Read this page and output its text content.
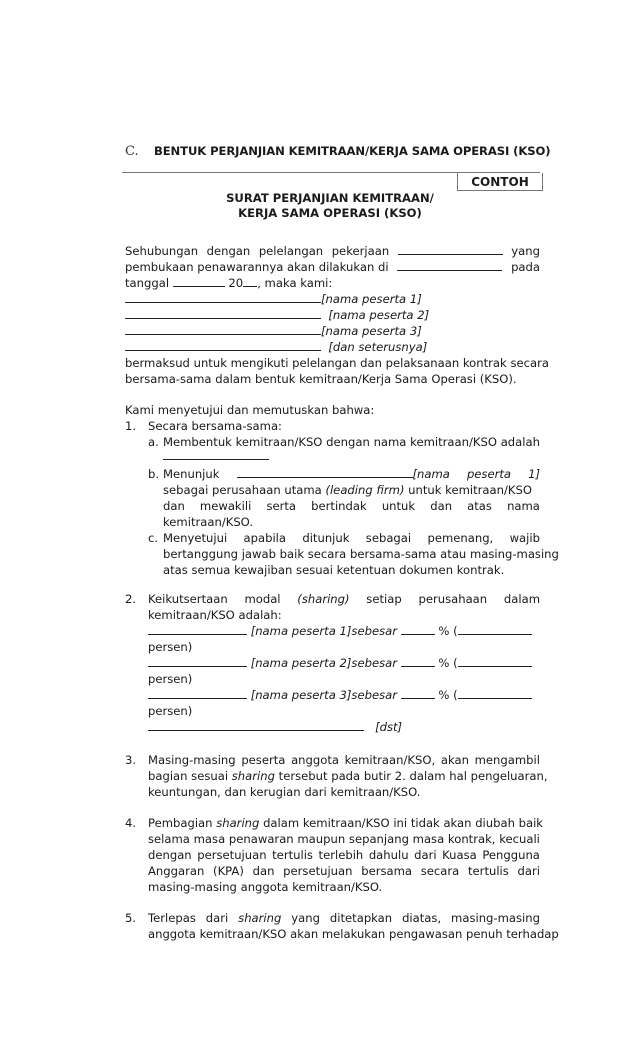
C. BENTUK PERJANJIAN KEMITRAAN/KERJA SAMA OPERASI (KSO)
CONTOH
SURAT PERJANJIAN KEMITRAAN/
KERJA SAMA OPERASI (KSO)
Sehubungan dengan pelelangan pekerjaan	yang
pembukaan penawarannya akan dilakukan di	pada
tanggal	20 , maka kami:
[nama peserta 1]
[nama peserta 2]
[nama peserta 3]
[dan seterusnya]
bermaksud untuk mengikuti pelelangan dan pelaksanaan kontrak secara
bersama-sama dalam bentuk kemitraan/Kerja Sama Operasi (KSO).
Kami menyetujui dan memutuskan bahwa:
1. Secara bersama-sama:
a. Membentuk kemitraan/KSO dengan nama kemitraan/KSO adalah
b. Menunjuk	[nama peserta 1]
sebagai perusahaan utama (leading firm) untuk kemitraan/KSO
dan mewakili serta bertindak untuk dan atas nama
kemitraan/KSO.
c. Menyetujui apabila ditunjuk sebagai pemenang, wajib
bertanggung jawab baik secara bersama-sama atau masing-masing
atas semua kewajiban sesuai ketentuan dokumen kontrak.
2. Keikutsertaan modal (sharing) setiap perusahaan dalam
kemitraan/KSO adalah:
[nama peserta 1]sebesar	% (
persen)
[nama peserta 2]sebesar	% (
persen)
[nama peserta 3]sebesar	% (
persen)
[dst]
3. Masing-masing peserta anggota kemitraan/KSO, akan mengambil
bagian sesuai sharing tersebut pada butir 2. dalam hal pengeluaran,
keuntungan, dan kerugian dari kemitraan/KSO.
4. Pembagian sharing dalam kemitraan/KSO ini tidak akan diubah baik
selama masa penawaran maupun sepanjang masa kontrak, kecuali
dengan persetujuan tertulis terlebih dahulu dari Kuasa Pengguna
Anggaran (KPA) dan persetujuan bersama secara tertulis dari
masing-masing anggota kemitraan/KSO.
5. Terlepas dari sharing yang ditetapkan diatas, masing-masing
anggota kemitraan/KSO akan melakukan pengawasan penuh terhadap
